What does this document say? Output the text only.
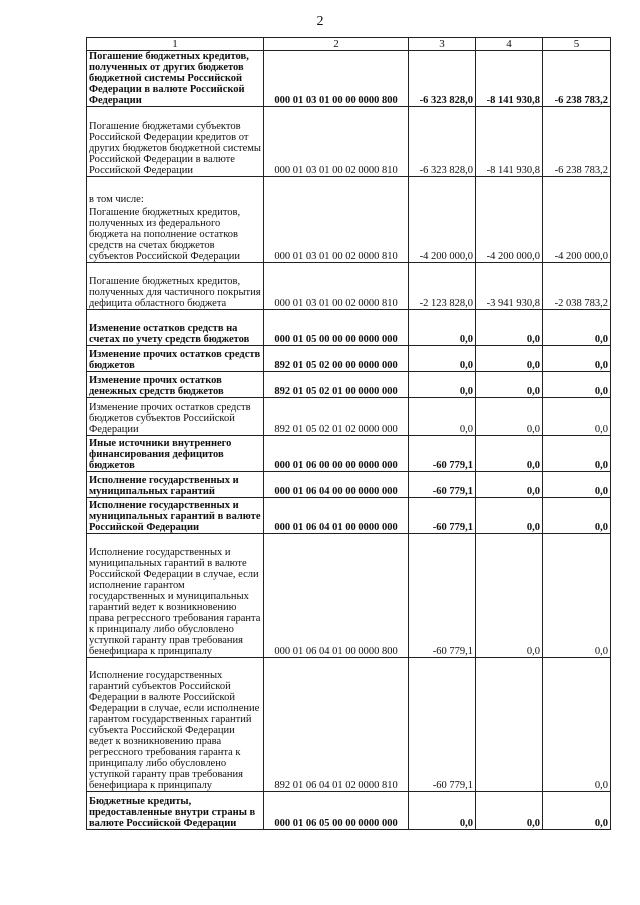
2
1	2	3	4	5
Погашение бюджетных кредитов, полученных от других бюджетов бюджетной системы Российской Федерации в валюте Российской Федерации	000 01 03 01 00 00 0000 800	-6 323 828,0	-8 141 930,8	-6 238 783,2
Погашение бюджетами субъектов Российской Федерации кредитов от других бюджетов бюджетной системы Российской Федерации в валюте Российской Федерации	000 01 03 01 00 02 0000 810	-6 323 828,0	-8 141 930,8	-6 238 783,2
в том числе:
Погашение бюджетных кредитов, полученных из федерального бюджета на пополнение остатков средств на счетах бюджетов субъектов Российской Федерации	000 01 03 01 00 02 0000 810	-4 200 000,0	-4 200 000,0	-4 200 000,0
Погашение бюджетных кредитов, полученных для частичного покрытия дефицита областного бюджета	000 01 03 01 00 02 0000 810	-2 123 828,0	-3 941 930,8	-2 038 783,2
Изменение остатков средств на счетах по учету средств бюджетов	000 01 05 00 00 00 0000 000	0,0	0,0	0,0
Изменение прочих остатков средств бюджетов	892 01 05 02 00 00 0000 000	0,0	0,0	0,0
Изменение прочих остатков денежных средств бюджетов	892 01 05 02 01 00 0000 000	0,0	0,0	0,0
Изменение прочих остатков средств бюджетов субъектов Российской Федерации	892 01 05 02 01 02 0000 000	0,0	0,0	0,0
Иные источники внутреннего финансирования дефицитов бюджетов	000 01 06 00 00 00 0000 000	-60 779,1	0,0	0,0
Исполнение государственных и муниципальных гарантий	000 01 06 04 00 00 0000 000	-60 779,1	0,0	0,0
Исполнение государственных и муниципальных гарантий в валюте Российской Федерации	000 01 06 04 01 00 0000 000	-60 779,1	0,0	0,0
Исполнение государственных и муниципальных гарантий в валюте Российской Федерации в случае, если исполнение гарантом государственных и муниципальных гарантий ведет к возникновению права регрессного требования гаранта к принципалу либо обусловлено уступкой гаранту прав требования бенефициара к принципалу	000 01 06 04 01 00 0000 800	-60 779,1	0,0	0,0
Исполнение государственных гарантий субъектов Российской Федерации в валюте Российской Федерации в случае, если исполнение гарантом государственных гарантий субъекта Российской Федерации ведет к возникновению права регрессного требования гаранта к принципалу либо обусловлено уступкой гаранту прав требования бенефициара к принципалу	892 01 06 04 01 02 0000 810	-60 779,1		0,0
Бюджетные кредиты, предоставленные внутри страны в валюте Российской Федерации	000 01 06 05 00 00 0000 000	0,0	0,0	0,0
